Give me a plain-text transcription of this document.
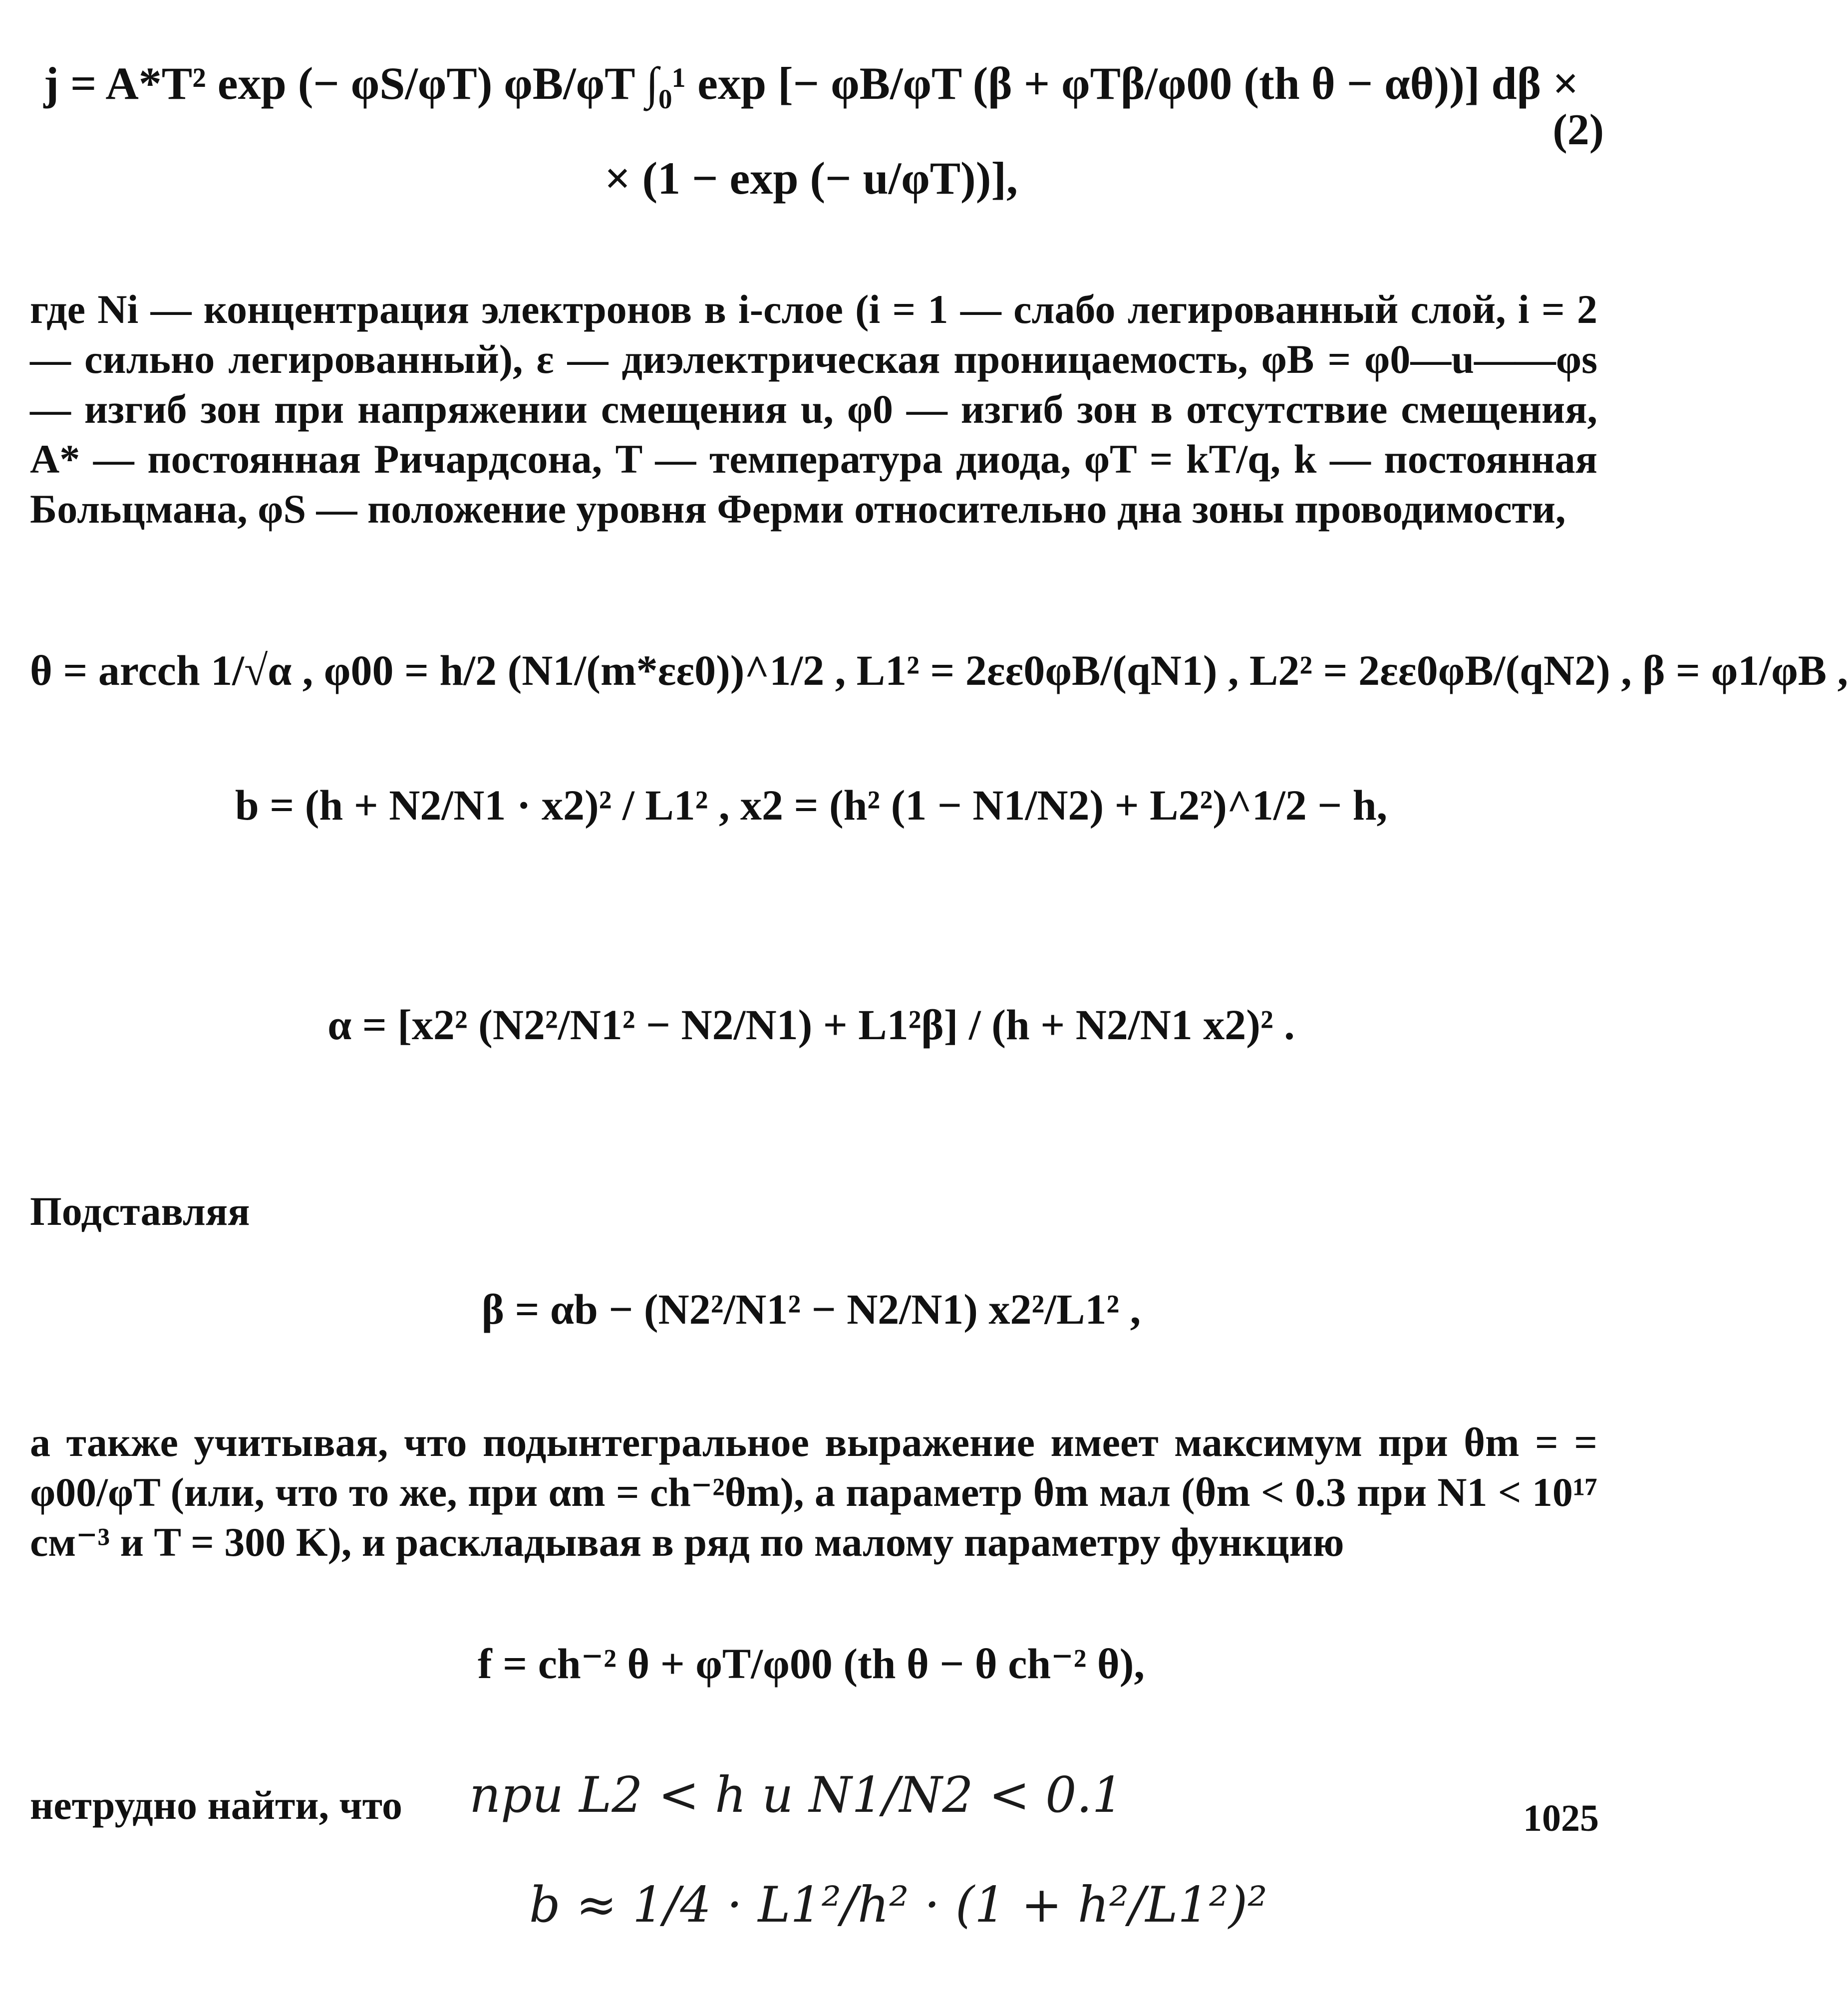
j = A*T² exp (− φS/φT) φB/φT ∫₀¹ exp [− φB/φT (β + φTβ/φ00 (th θ − αθ))] dβ ×
× (1 − exp (− u/φT))],
(2)
где Ni — концентрация электронов в i-слое (i = 1 — слабо легированный слой, i = 2 — сильно легированный), ε — диэлектрическая проницаемость, φB = φ0—u——φs — изгиб зон при напряжении смещения u, φ0 — изгиб зон в отсутствие смещения, A* — постоянная Ричардсона, T — температура диода, φT = kT/q, k — постоянная Больцмана, φS — положение уровня Ферми относительно дна зоны проводимости,
θ = arcch 1/√α , φ00 = h/2 (N1/(m*εε0))^1/2 , L1² = 2εε0φB/(qN1) , L2² = 2εε0φB/(qN2) , β = φ1/φB ,
b = (h + N2/N1 · x2)² / L1² , x2 = (h² (1 − N1/N2) + L2²)^1/2 − h,
α = [x2² (N2²/N1² − N2/N1) + L1²β] / (h + N2/N1 x2)² .
Подставляя
β = αb − (N2²/N1² − N2/N1) x2²/L1² ,
а также учитывая, что подынтегральное выражение имеет максимум при θm = = φ00/φT (или, что то же, при αm = ch⁻²θm), а параметр θm мал (θm < 0.3 при N1 < 10¹⁷ см⁻³ и T = 300 K), и раскладывая в ряд по малому параметру функцию
f = ch⁻² θ + φT/φ00 (th θ − θ ch⁻² θ),
нетрудно найти, что при L2 < h и N1/N2 < 0.1
b ≈ 1/4 · L1²/h² · (1 + h²/L1²)²
1025
